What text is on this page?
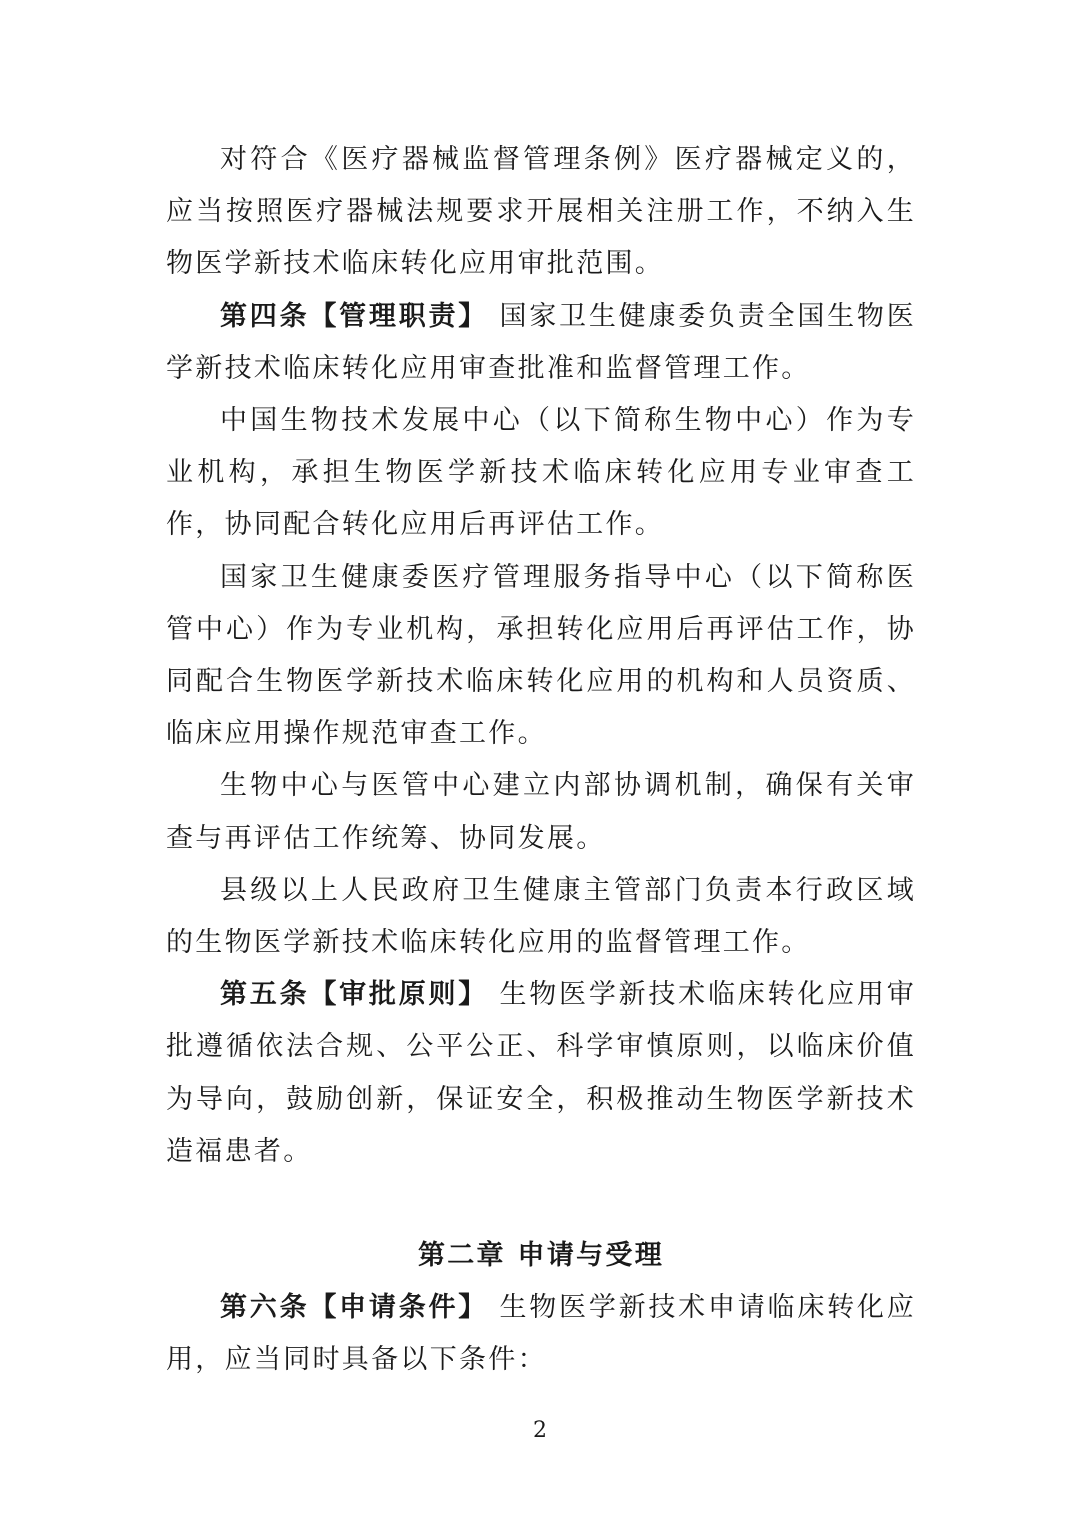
对符合《医疗器械监督管理条例》医疗器械定义的，应当按照医疗器械法规要求开展相关注册工作，不纳入生物医学新技术临床转化应用审批范围。

第四条【管理职责】 国家卫生健康委负责全国生物医学新技术临床转化应用审查批准和监督管理工作。

中国生物技术发展中心（以下简称生物中心）作为专业机构，承担生物医学新技术临床转化应用专业审查工作，协同配合转化应用后再评估工作。

国家卫生健康委医疗管理服务指导中心（以下简称医管中心）作为专业机构，承担转化应用后再评估工作，协同配合生物医学新技术临床转化应用的机构和人员资质、临床应用操作规范审查工作。

生物中心与医管中心建立内部协调机制，确保有关审查与再评估工作统筹、协同发展。

县级以上人民政府卫生健康主管部门负责本行政区域的生物医学新技术临床转化应用的监督管理工作。

第五条【审批原则】 生物医学新技术临床转化应用审批遵循依法合规、公平公正、科学审慎原则，以临床价值为导向，鼓励创新，保证安全，积极推动生物医学新技术造福患者。

第二章 申请与受理

第六条【申请条件】 生物医学新技术申请临床转化应用，应当同时具备以下条件：

2
